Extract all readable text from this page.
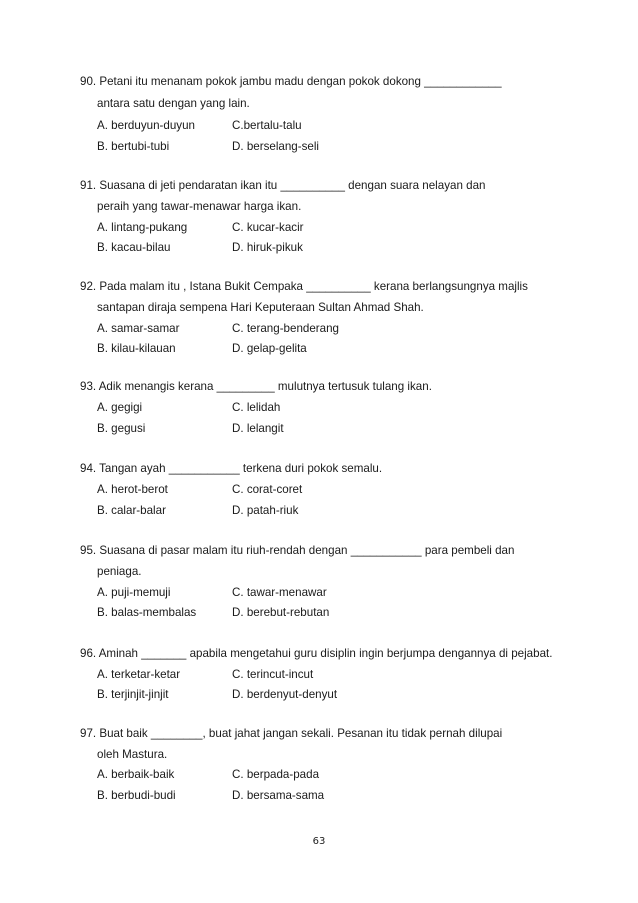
90. Petani itu menanam pokok jambu madu dengan pokok dokong ____________
antara satu dengan yang lain.
A. berduyun-duyun	C.bertalu-talu
B. bertubi-tubi	D. berselang-seli
91. Suasana di jeti pendaratan ikan itu __________ dengan suara nelayan dan
peraih yang tawar-menawar harga ikan.
A. lintang-pukang	C. kucar-kacir
B. kacau-bilau	D. hiruk-pikuk
92. Pada malam itu , Istana Bukit Cempaka __________ kerana berlangsungnya majlis
santapan diraja sempena Hari Keputeraan Sultan Ahmad Shah.
A. samar-samar	C. terang-benderang
B. kilau-kilauan	D. gelap-gelita
93. Adik menangis kerana _________ mulutnya tertusuk tulang ikan.
A. gegigi	C. lelidah
B. gegusi	D. lelangit
94. Tangan ayah ___________ terkena duri pokok semalu.
A. herot-berot	C. corat-coret
B. calar-balar	D. patah-riuk
95. Suasana di pasar malam itu riuh-rendah dengan ___________ para pembeli dan
peniaga.
A. puji-memuji	C. tawar-menawar
B. balas-membalas	D. berebut-rebutan
96. Aminah _______ apabila mengetahui guru disiplin ingin berjumpa dengannya di pejabat.
A. terketar-ketar	C. terincut-incut
B. terjinjit-jinjit	D. berdenyut-denyut
97. Buat baik ________, buat jahat jangan sekali. Pesanan itu tidak pernah dilupai
oleh Mastura.
A. berbaik-baik	C. berpada-pada
B. berbudi-budi	D. bersama-sama
63
